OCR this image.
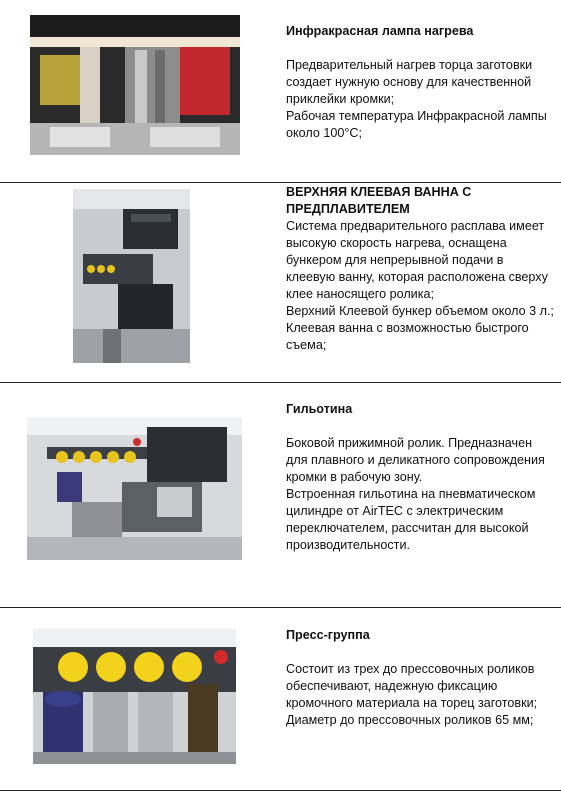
Инфракрасная лампа нагрева
Предварительный нагрев торца заготовки создает нужную основу для качественной приклейки кромки;
Рабочая температура Инфракрасной лампы около 100°C;
ВЕРХНЯЯ КЛЕЕВАЯ ВАННА С ПРЕДПЛАВИТЕЛЕМ
Система предварительного расплава имеет высокую скорость нагрева, оснащена бункером для непрерывной подачи в клеевую ванну, которая расположена сверху клее наносящего ролика;
Верхний Клеевой бункер объемом около 3 л.;
Клеевая ванна с возможностью быстрого съема;
Гильотина
Боковой прижимной ролик. Предназначен для плавного и деликатного сопровождения кромки в рабочую зону.
Встроенная гильотина на пневматическом цилиндре от AirTEC с электрическим переключателем, рассчитан для высокой производительности.
Пресс-группа
Состоит из трех до прессовочных роликов обеспечивают, надежную фиксацию кромочного материала на торец заготовки;
Диаметр до прессовочных роликов 65 мм;
